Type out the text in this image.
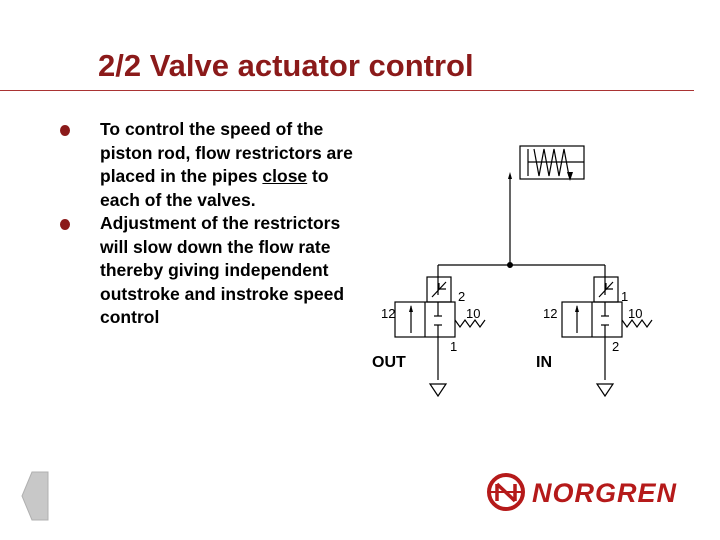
2/2 Valve actuator control
To control the speed of the piston rod, flow restrictors are placed in the pipes close to each of the valves.
Adjustment of the restrictors will slow down the flow rate thereby giving independent outstroke and instroke speed control	12
2
10
1
OUT
12
1
10
2
IN
NORGREN
